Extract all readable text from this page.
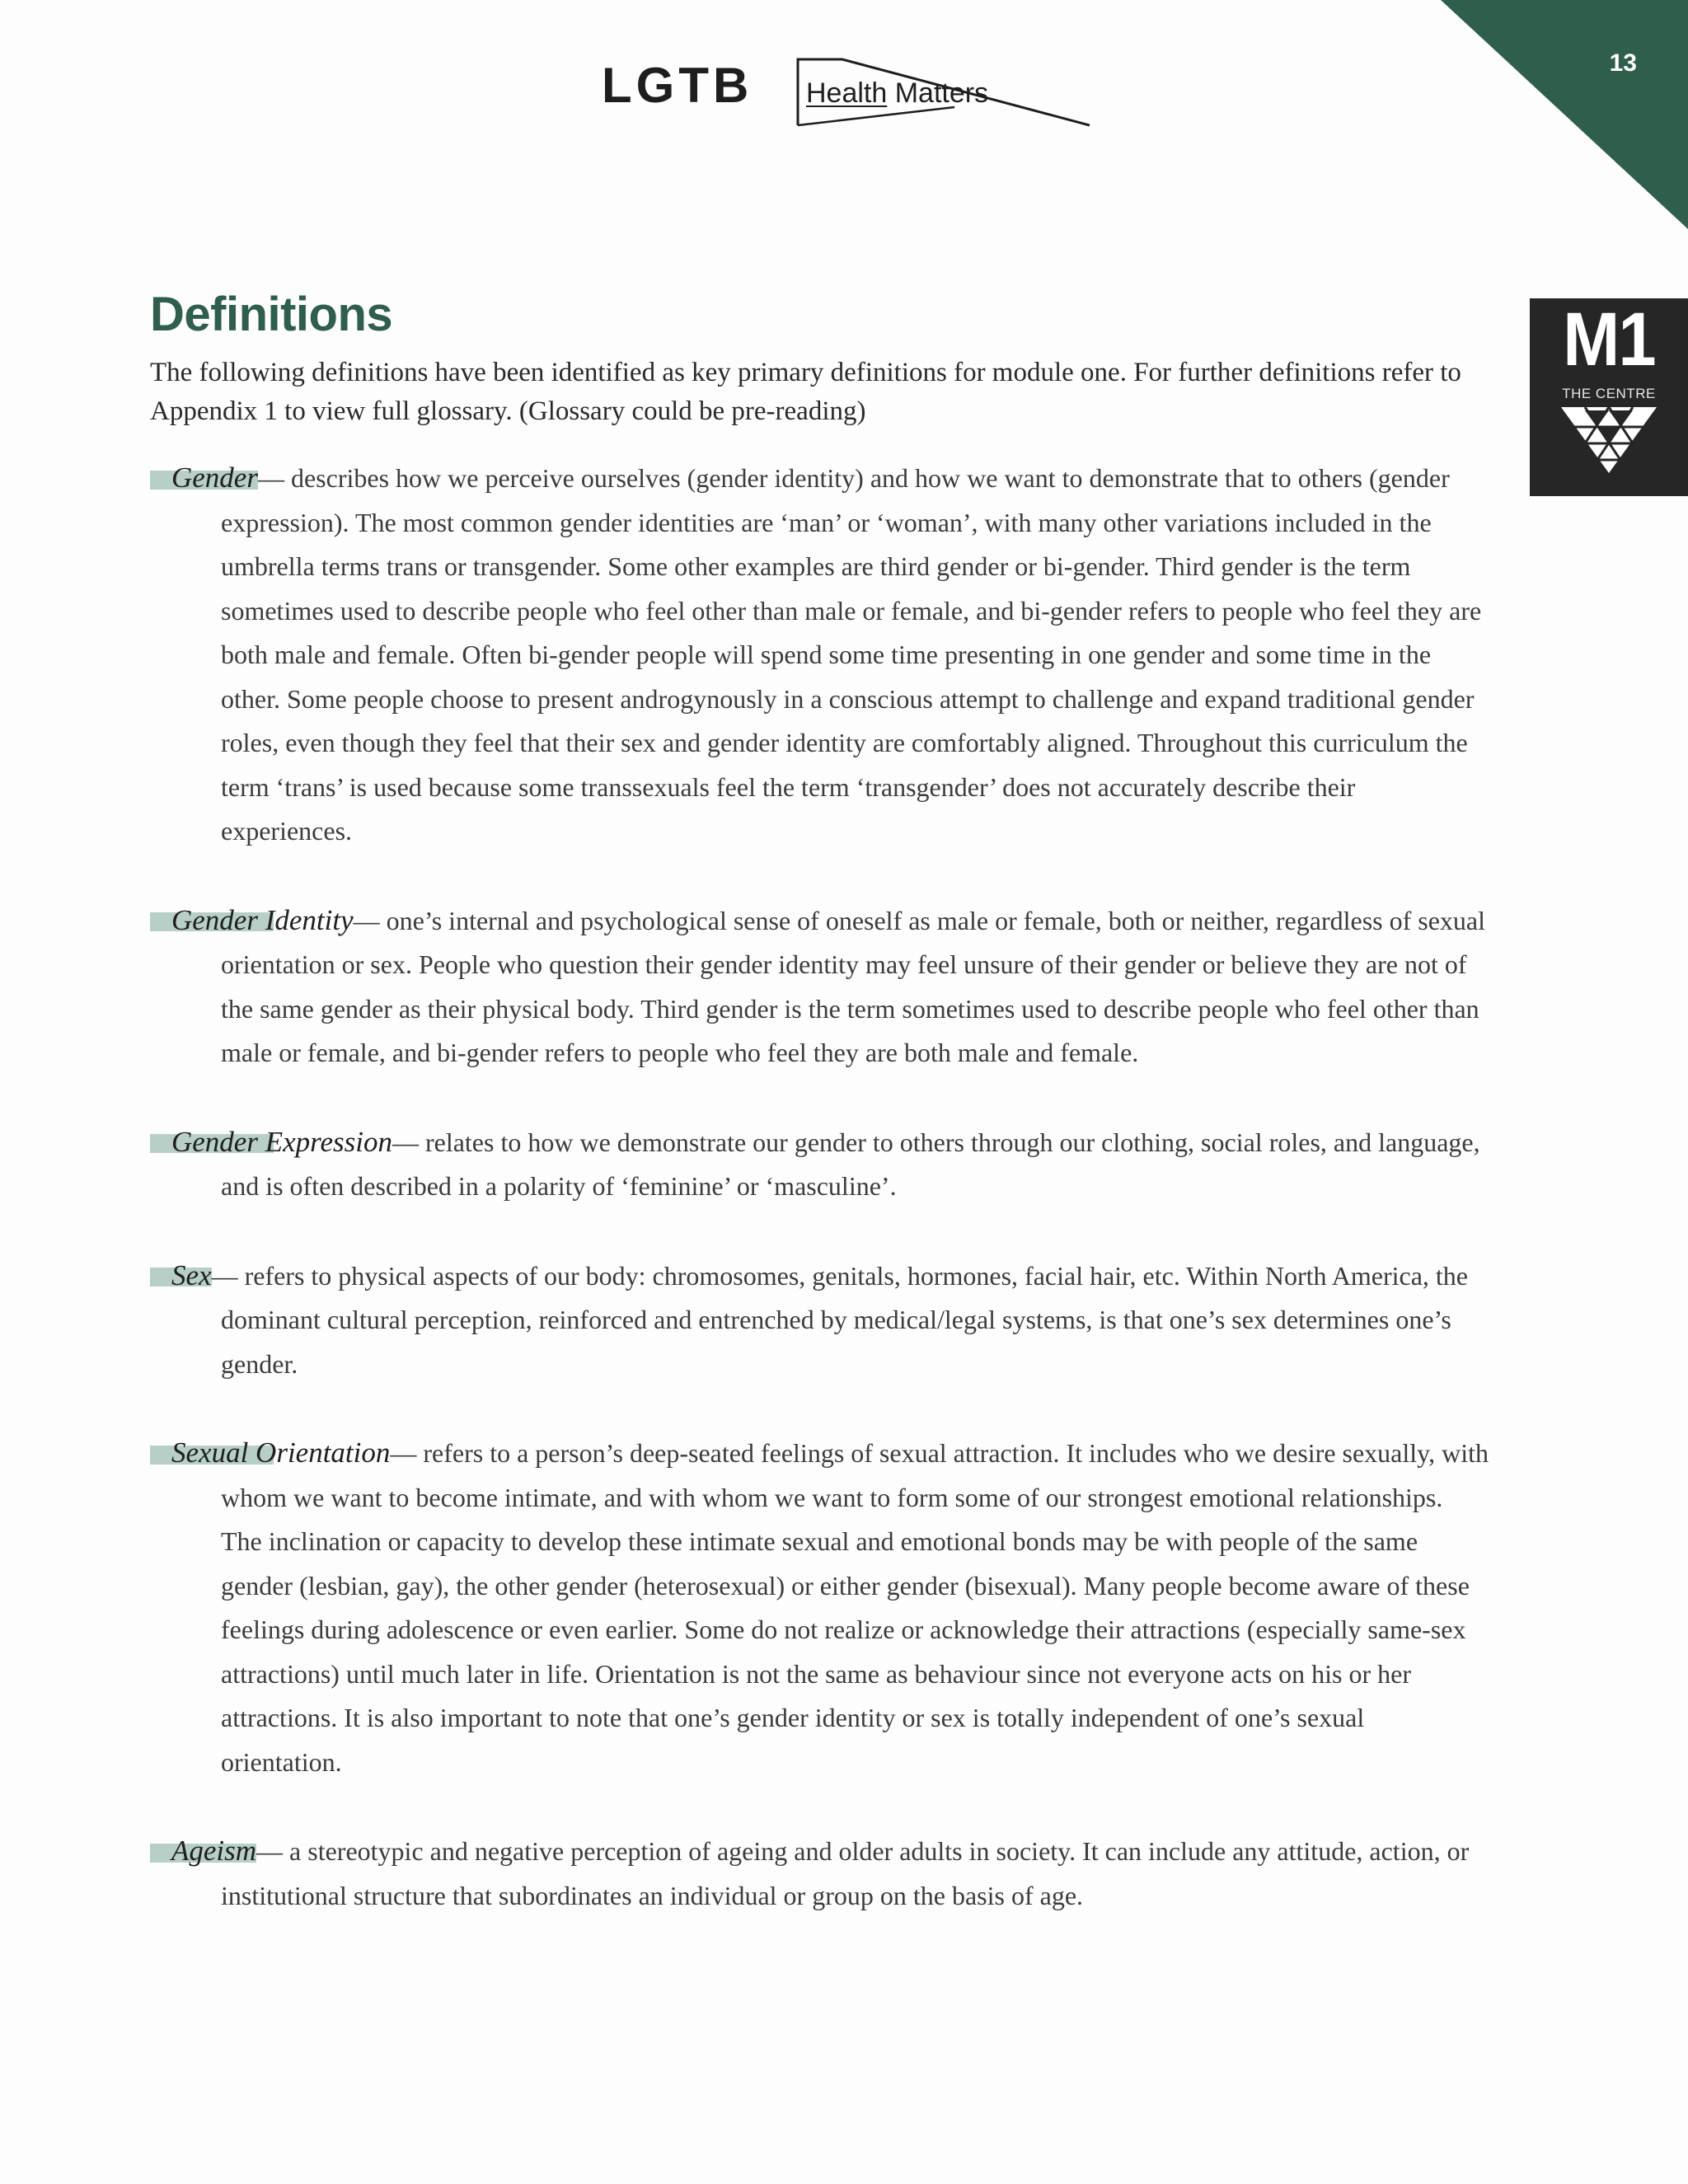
13
LGTB Health Matters
M1
THE CENTRE
Definitions

The following definitions have been identified as key primary definitions for module one. For further definitions refer to Appendix 1 to view full glossary. (Glossary could be pre-reading)

Gender— describes how we perceive ourselves (gender identity) and how we want to demonstrate that to others (gender expression). The most common gender identities are ‘man’ or ‘woman’, with many other variations included in the umbrella terms trans or transgender. Some other examples are third gender or bi-gender. Third gender is the term sometimes used to describe people who feel other than male or female, and bi-gender refers to people who feel they are both male and female. Often bi-gender people will spend some time presenting in one gender and some time in the other. Some people choose to present androgynously in a conscious attempt to challenge and expand traditional gender roles, even though they feel that their sex and gender identity are comfortably aligned. Throughout this curriculum the term ‘trans’ is used because some transsexuals feel the term ‘transgender’ does not accurately describe their experiences.

Gender Identity— one’s internal and psychological sense of oneself as male or female, both or neither, regardless of sexual orientation or sex. People who question their gender identity may feel unsure of their gender or believe they are not of the same gender as their physical body. Third gender is the term sometimes used to describe people who feel other than male or female, and bi-gender refers to people who feel they are both male and female.

Gender Expression— relates to how we demonstrate our gender to others through our clothing, social roles, and language, and is often described in a polarity of ‘feminine’ or ‘masculine’.

Sex— refers to physical aspects of our body: chromosomes, genitals, hormones, facial hair, etc. Within North America, the dominant cultural perception, reinforced and entrenched by medical/legal systems, is that one’s sex determines one’s gender.

Sexual Orientation— refers to a person’s deep-seated feelings of sexual attraction. It includes who we desire sexually, with whom we want to become intimate, and with whom we want to form some of our strongest emotional relationships. The inclination or capacity to develop these intimate sexual and emotional bonds may be with people of the same gender (lesbian, gay), the other gender (heterosexual) or either gender (bisexual). Many people become aware of these feelings during adolescence or even earlier. Some do not realize or acknowledge their attractions (especially same-sex attractions) until much later in life. Orientation is not the same as behaviour since not everyone acts on his or her attractions. It is also important to note that one’s gender identity or sex is totally independent of one’s sexual orientation.

Ageism— a stereotypic and negative perception of ageing and older adults in society. It can include any attitude, action, or institutional structure that subordinates an individual or group on the basis of age.
